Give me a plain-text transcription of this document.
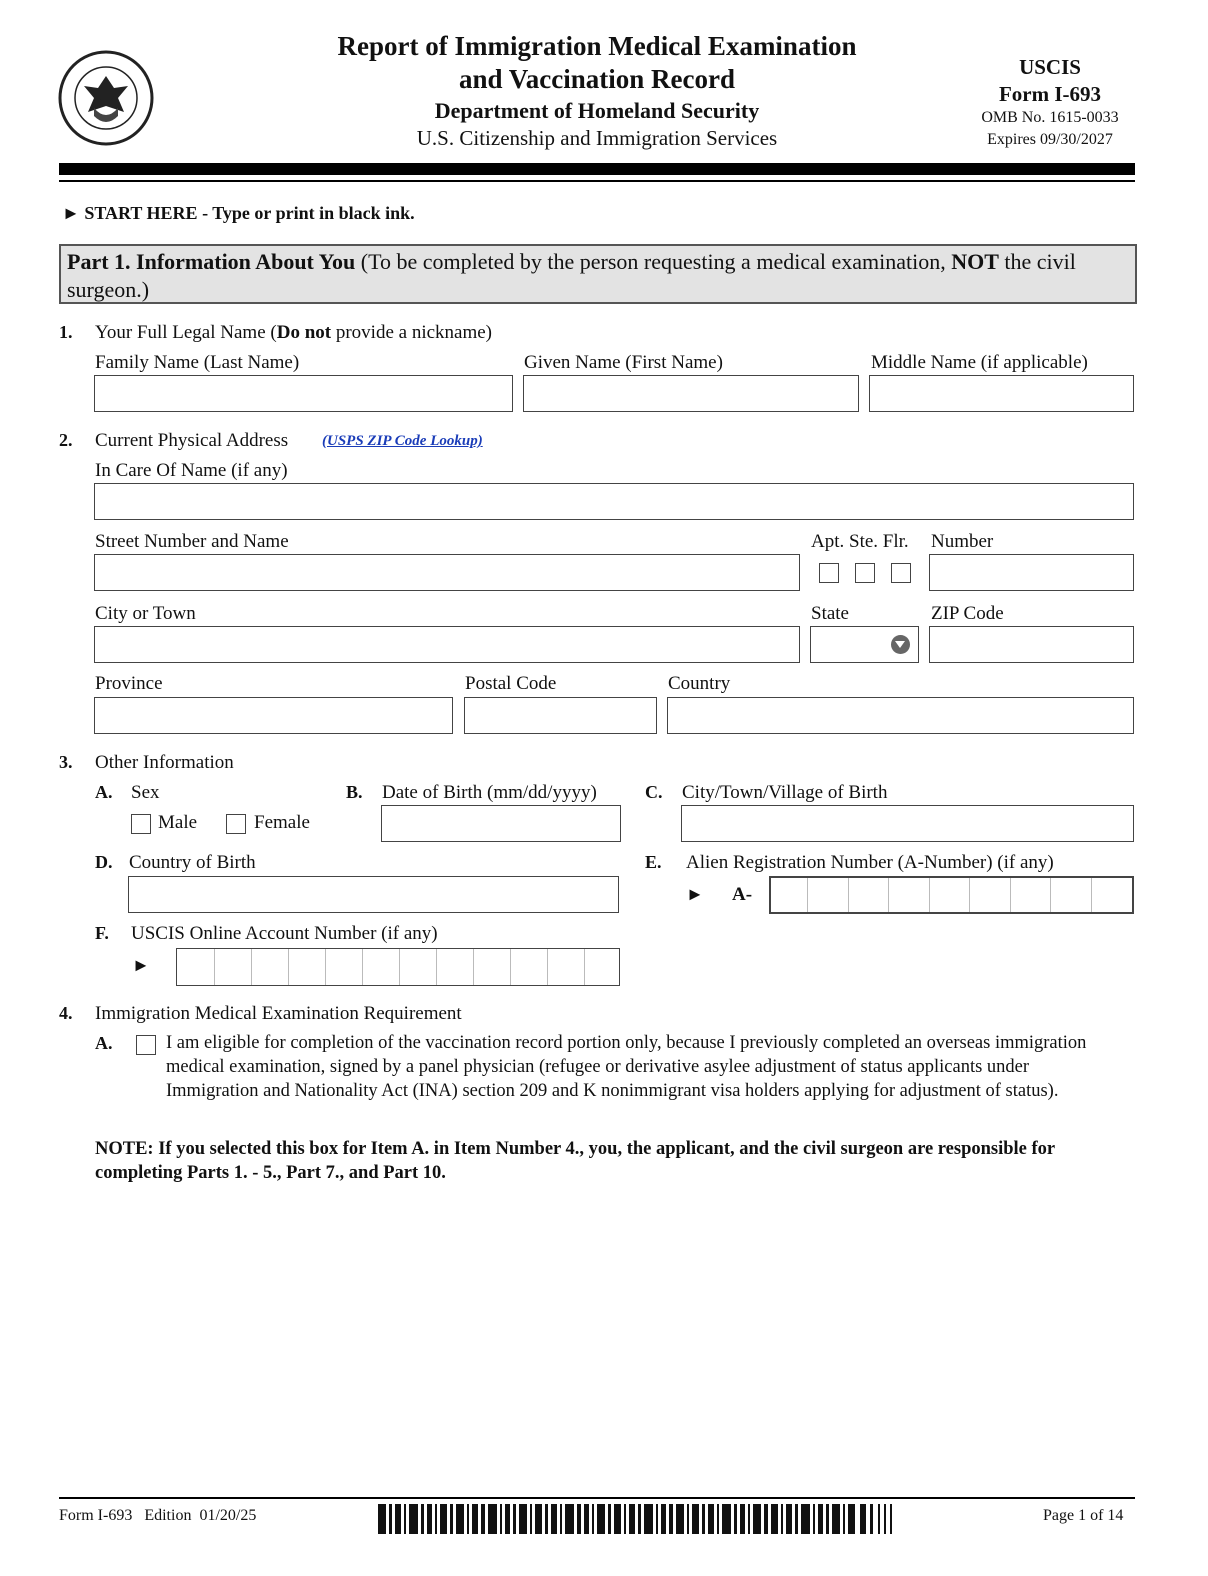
Report of Immigration Medical Examination
and Vaccination Record
Department of Homeland Security
U.S. Citizenship and Immigration Services
USCIS
Form I-693
OMB No. 1615-0033
Expires 09/30/2027
► START HERE - Type or print in black ink.
Part 1. Information About You (To be completed by the person requesting a medical examination, NOT the civil surgeon.)
1. Your Full Legal Name (Do not provide a nickname)
Family Name (Last Name)	Given Name (First Name)	Middle Name (if applicable)
2. Current Physical Address (USPS ZIP Code Lookup)
In Care Of Name (if any)
Street Number and Name	Apt. Ste. Flr. Number
City or Town	State	ZIP Code
Province	Postal Code	Country
3. Other Information
A. Sex
Male	Female
B. Date of Birth (mm/dd/yyyy)	C. City/Town/Village of Birth
D. Country of Birth	E. Alien Registration Number (A-Number) (if any)
► A-
F. USCIS Online Account Number (if any)
►
4. Immigration Medical Examination Requirement
A.	I am eligible for completion of the vaccination record portion only, because I previously completed an overseas immigration medical examination, signed by a panel physician (refugee or derivative asylee adjustment of status applicants under Immigration and Nationality Act (INA) section 209 and K nonimmigrant visa holders applying for adjustment of status).
NOTE: If you selected this box for Item A. in Item Number 4., you, the applicant, and the civil surgeon are responsible for completing Parts 1. - 5., Part 7., and Part 10.
Form I-693   Edition  01/20/25	Page 1 of 14
